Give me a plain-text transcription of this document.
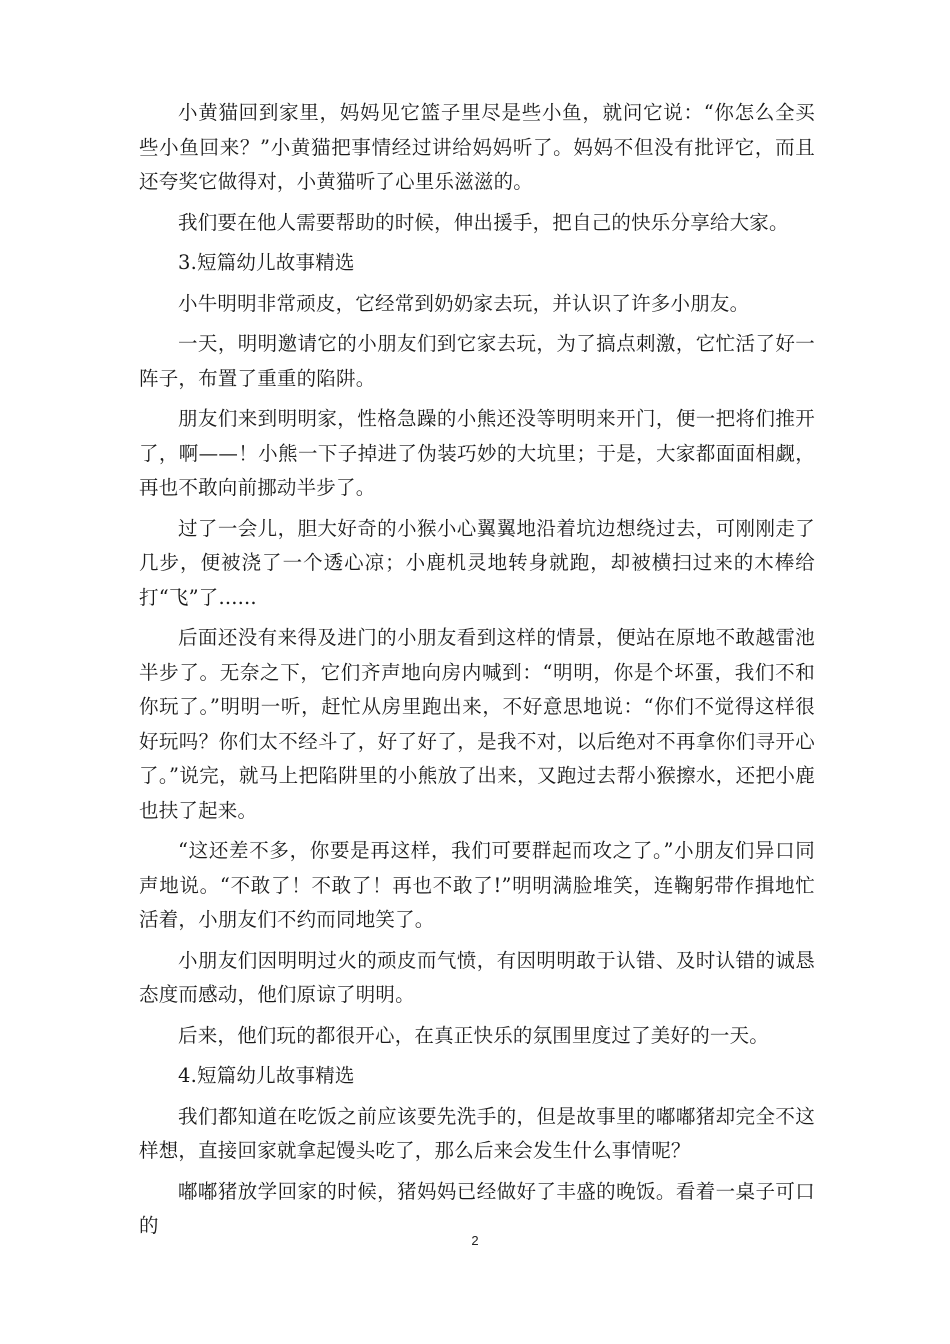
小黄猫回到家里，妈妈见它篮子里尽是些小鱼，就问它说：“你怎么全买些小鱼回来？”小黄猫把事情经过讲给妈妈听了。妈妈不但没有批评它，而且还夸奖它做得对，小黄猫听了心里乐滋滋的。

我们要在他人需要帮助的时候，伸出援手，把自己的快乐分享给大家。

3.短篇幼儿故事精选

小牛明明非常顽皮，它经常到奶奶家去玩，并认识了许多小朋友。

一天，明明邀请它的小朋友们到它家去玩，为了搞点刺激，它忙活了好一阵子，布置了重重的陷阱。

朋友们来到明明家，性格急躁的小熊还没等明明来开门，便一把将们推开了，啊——！小熊一下子掉进了伪装巧妙的大坑里；于是，大家都面面相觑，再也不敢向前挪动半步了。

过了一会儿，胆大好奇的小猴小心翼翼地沿着坑边想绕过去，可刚刚走了几步，便被浇了一个透心凉；小鹿机灵地转身就跑，却被横扫过来的木棒给打“飞”了......

后面还没有来得及进门的小朋友看到这样的情景，便站在原地不敢越雷池半步了。无奈之下，它们齐声地向房内喊到：“明明，你是个坏蛋，我们不和你玩了。”明明一听，赶忙从房里跑出来，不好意思地说：“你们不觉得这样很好玩吗？你们太不经斗了，好了好了，是我不对，以后绝对不再拿你们寻开心了。”说完，就马上把陷阱里的小熊放了出来，又跑过去帮小猴擦水，还把小鹿也扶了起来。

“这还差不多，你要是再这样，我们可要群起而攻之了。”小朋友们异口同声地说。“不敢了！不敢了！再也不敢了!”明明满脸堆笑，连鞠躬带作揖地忙活着，小朋友们不约而同地笑了。

小朋友们因明明过火的顽皮而气愤，有因明明敢于认错、及时认错的诚恳态度而感动，他们原谅了明明。

后来，他们玩的都很开心，在真正快乐的氛围里度过了美好的一天。

4.短篇幼儿故事精选

我们都知道在吃饭之前应该要先洗手的，但是故事里的嘟嘟猪却完全不这样想，直接回家就拿起馒头吃了，那么后来会发生什么事情呢？

嘟嘟猪放学回家的时候，猪妈妈已经做好了丰盛的晚饭。看着一桌子可口的

2
